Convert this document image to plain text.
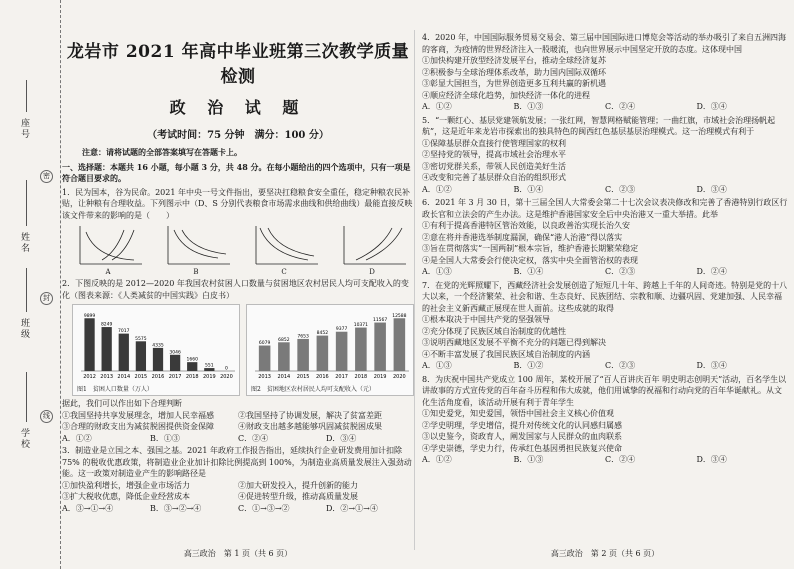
座号
姓名
班级
学校
密
封
线
龙岩市 2021 年高中毕业班第三次教学质量检测
政 治 试 题
（考试时间：75 分钟　满分：100 分）

注意：请将试题的全部答案填写在答题卡上。

一、选择题：本题共 16 小题，每小题 3 分，共 48 分。在每小题给出的四个选项中，只有一项是符合题目要求的。

1．民为国本，谷为民命。2021 年中央一号文件指出，要坚决扛稳粮食安全重任，稳定种粮农民补贴，让种粮有合理收益。下列图示中（D、S 分别代表粮食市场需求曲线和供给曲线）最能直接反映该文件带来的影响的是（　　）

A	B	C	D

2．下图反映的是 2012—2020 年我国农村贫困人口数量与贫困地区农村居民人均可支配收入的变化（图表来源：《人类减贫的中国实践》白皮书）

2012
9899
2013
8249
2014
7017
2015
5575
2016
4335
2017
3046
2018
1660
2019
551
2020
0
图1　贫困人口数量（万人）
2013
6079
2014
6852
2015
7653
2016
8452
2017
9377
2018
10371
2019
11567
2020
12588
图2　贫困地区农村居民人均可支配收入（元）

据此，我们可以作出如下合理判断

①我国坚持共享发展理念，增加人民幸福感	②我国坚持了协调发展，解决了贫富差距
③合理的财政支出为减贫脱困提供资金保障	④财政支出越多越能够巩固减贫脱困成果
A．①②	B．①③	C．②④	D．③④

3．制造业是立国之本、强国之基。2021 年政府工作报告指出，延续执行企业研发费用加计扣除 75% 的税收优惠政策，将制造业企业加计扣除比例提高到 100%，为制造业高质量发展注入强劲动能。这一政策对制造业产生的影响路径是

①加快盈利增长，增强企业市场活力	②加大研发投入，提升创新的能力
③扩大税收优惠，降低企业经营成本	④促进转型升级，推动高质量发展
A．③→①→④	B．③→②→④	C．①→③→②	D．②→①→④
高三政治　第 1 页（共 6 页）

4．2020 年，中国国际服务贸易交易会、第三届中国国际进口博览会等活动的举办吸引了来自五洲四海的客商，为疫情的世界经济注入一股暖流，也向世界展示中国坚定开放的态度。这体现中国

①加快构建开放型经济发展平台，推动全球经济复苏

②积极参与全球治理体系改革，助力国内国际双循环

③彰显大国担当，为世界创造更多互利共赢的新机遇

④顺应经济全球化趋势，加快经济一体化的进程

A．①②	B．①③	C．②④	D．③④

5．“一颗红心、基层党建领航发展；一张红网，智慧网格赋能管理；一曲红旗，市域社会治理扬帆起航”，这是近年来龙岩市探索出的独具特色的闽西红色基层基层治理模式。这一治理模式有利于

①保障基层群众直接行使管理国家的权利

②坚持党的领导，提高市域社会治理水平

③密切党群关系，带领人民创造美好生活

④改变和完善了基层群众自治的组织形式

A．①②	B．①④	C．②③	D．③④

6．2021 年 3 月 30 日，第十三届全国人大常委会第二十七次会议表决修改和完善了香港特别行政区行政长官和立法会的产生办法。这是维护香港国家安全后中央治港又一重大举措。此举

①有利于提高香港特区管治效能，以良政善治实现长治久安

②意在将并香港选举制度漏洞，确保“港人治港”得以落实

③旨在贯彻落实“一国两制”根本宗旨，维护香港长期繁荣稳定

④是全国人大常委会行使决定权，落实中央全面管治权的表现

A．①③	B．①④	C．②③	D．②④

7．在党的光辉照耀下，西藏经济社会发展创造了短短几十年、跨越上千年的人间奇迹。特别是党的十八大以来，一个经济繁荣、社会和谐、生态良好、民族团结、宗教和顺、边疆巩固、党建加强、人民幸福的社会主义新西藏正展现在世人面前。这些成就的取得

①根本取决于中国共产党的坚强领导

②充分体现了民族区域自治制度的优越性

③说明西藏地区发展不平衡不充分的问题已得到解决

④不断丰富发展了我国民族区域自治制度的内涵

A．①③	B．①②	C．②③	D．③④

8．为庆祝中国共产党成立 100 周年，某校开展了“百人百讲庆百年 明史明志创明天”活动，百名学生以讲故事的方式宣传党的百年奋斗历程和伟大成就，他们用诚挚的祝福和行动向党的百年华诞献礼。从文化生活角度看，该活动开展有利于青年学生

①知史爱党，知史爱国，领悟中国社会主义核心价值观

②学史明理，学史增信，提升对传统文化的认同感归属感

③以史鉴今，资政育人，阐发国家与人民群众的血肉联系

④学史崇德，学史力行，传承红色基因勇担民族复兴使命

A．①②	B．①③	C．②④	D．③④
高三政治　第 2 页（共 6 页）
